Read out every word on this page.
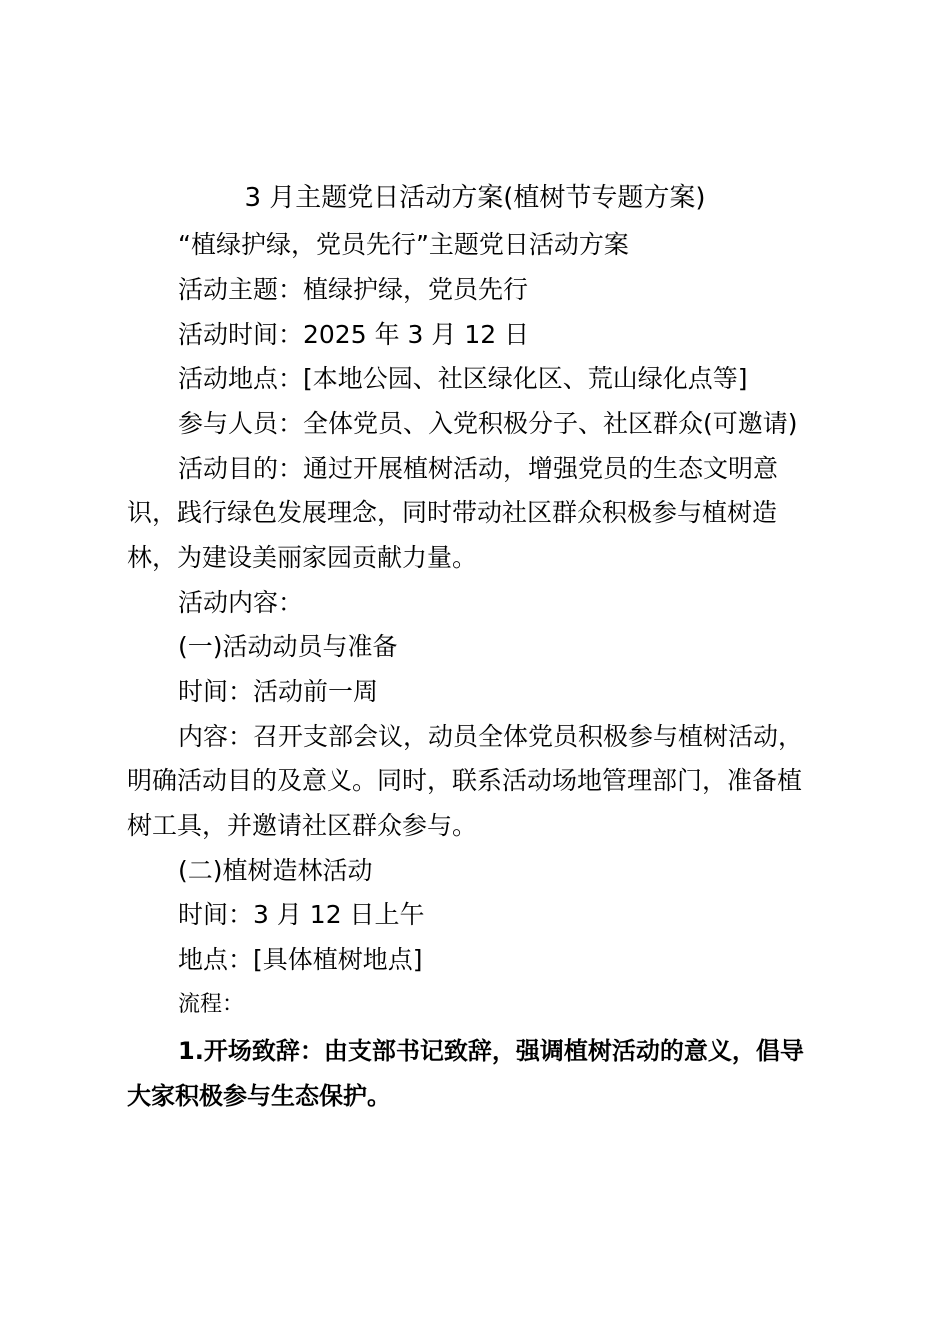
3 月主题党日活动方案(植树节专题方案)
“植绿护绿，党员先行”主题党日活动方案
活动主题：植绿护绿，党员先行
活动时间：2025 年 3 月 12 日
活动地点：[本地公园、社区绿化区、荒山绿化点等]
参与人员：全体党员、入党积极分子、社区群众(可邀请)
活动目的：通过开展植树活动，增强党员的生态文明意
识，践行绿色发展理念，同时带动社区群众积极参与植树造
林，为建设美丽家园贡献力量。
活动内容：
(一)活动动员与准备
时间：活动前一周
内容：召开支部会议，动员全体党员积极参与植树活动，
明确活动目的及意义。同时，联系活动场地管理部门，准备植
树工具，并邀请社区群众参与。
(二)植树造林活动
时间：3 月 12 日上午
地点：[具体植树地点]
流程：
1.开场致辞：由支部书记致辞，强调植树活动的意义，倡导
大家积极参与生态保护。
